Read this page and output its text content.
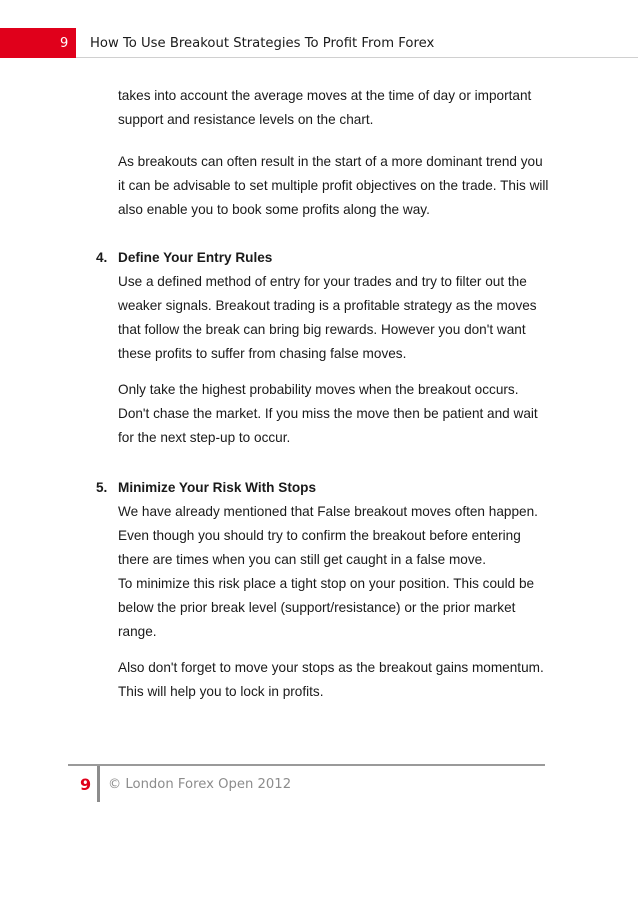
9	How To Use Breakout Strategies To Profit From Forex

takes into account the average moves at the time of day or important

support and resistance levels on the chart.

As breakouts can often result in the start of a more dominant trend you

it can be advisable to set multiple profit objectives on the trade. This will

also enable you to book some profits along the way.

4. Define Your Entry Rules

Use a defined method of entry for your trades and try to filter out the

weaker signals. Breakout trading is a profitable strategy as the moves

that follow the break can bring big rewards. However you don't want

these profits to suffer from chasing false moves.

Only take the highest probability moves when the breakout occurs.

Don't chase the market. If you miss the move then be patient and wait

for the next step-up to occur.

5. Minimize Your Risk With Stops

We have already mentioned that False breakout moves often happen.

Even though you should try to confirm the breakout before entering

there are times when you can still get caught in a false move.

To minimize this risk place a tight stop on your position. This could be

below the prior break level (support/resistance) or the prior market

range.

Also don't forget to move your stops as the breakout gains momentum.

This will help you to lock in profits.

9 © London Forex Open 2012
